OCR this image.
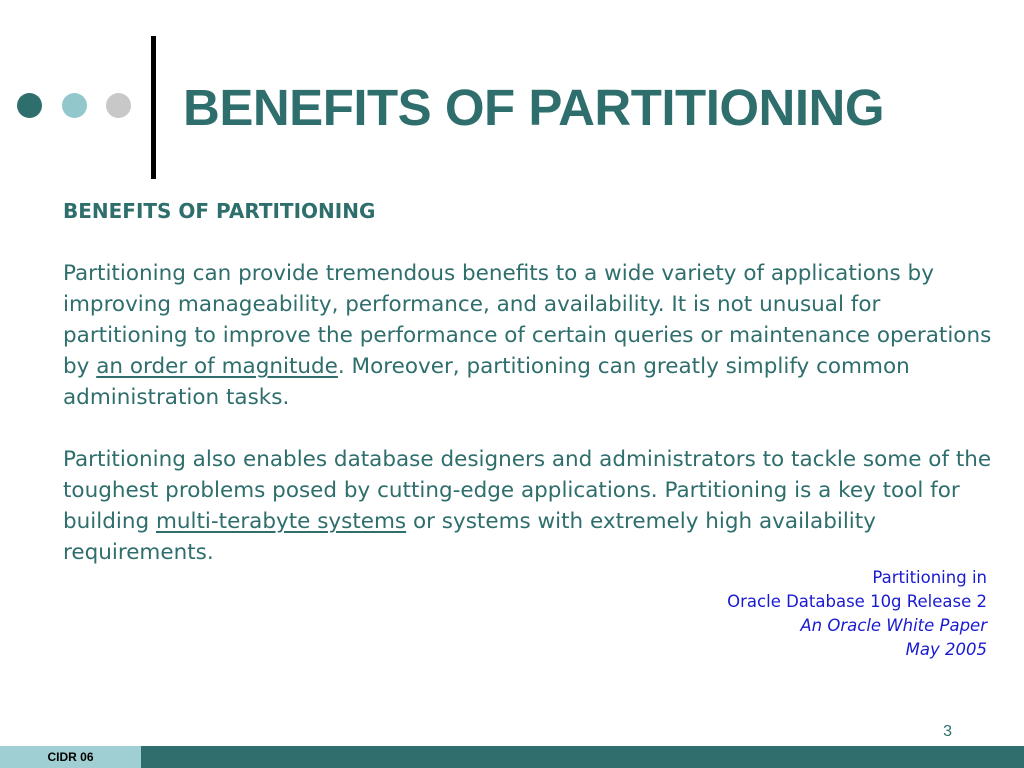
BENEFITS OF PARTITIONING
BENEFITS OF PARTITIONING
Partitioning can provide tremendous benefits to a wide variety of applications by improving manageability, performance, and availability. It is not unusual for partitioning to improve the performance of certain queries or maintenance operations by an order of magnitude. Moreover, partitioning can greatly simplify common administration tasks.
Partitioning also enables database designers and administrators to tackle some of the toughest problems posed by cutting-edge applications. Partitioning is a key tool for building multi-terabyte systems or systems with extremely high availability requirements.
Partitioning in
Oracle Database 10g Release 2
An Oracle White Paper
May 2005
3
CIDR 06
